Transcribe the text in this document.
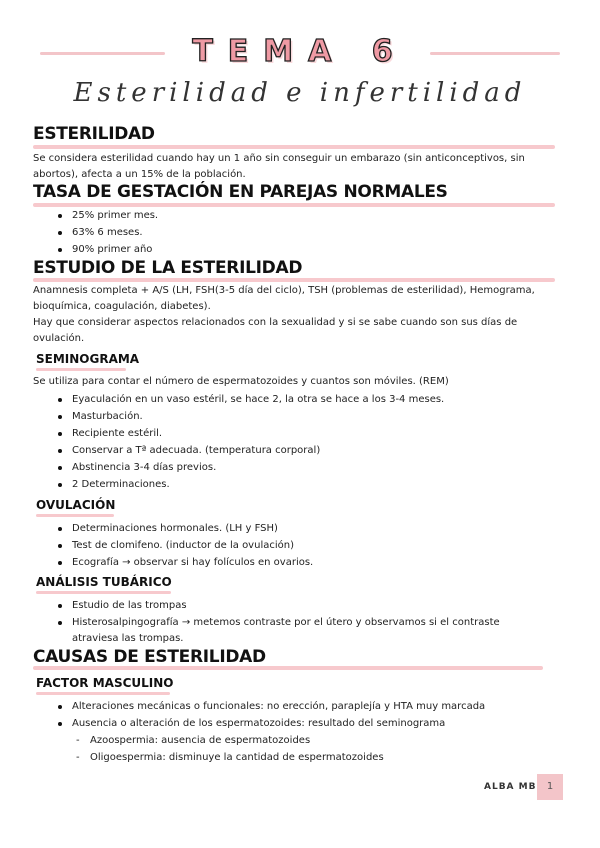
TEMA 6
Esterilidad e infertilidad
ESTERILIDAD
Se considera esterilidad cuando hay un 1 año sin conseguir un embarazo (sin anticonceptivos, sin abortos), afecta a un 15% de la población.
TASA DE GESTACIÓN EN PAREJAS NORMALES
25% primer mes.
63% 6 meses.
90% primer año
ESTUDIO DE LA ESTERILIDAD
Anamnesis completa + A/S (LH, FSH(3-5 día del ciclo), TSH (problemas de esterilidad), Hemograma, bioquímica, coagulación, diabetes).
Hay que considerar aspectos relacionados con la sexualidad y si se sabe cuando son sus días de ovulación.
SEMINOGRAMA
Se utiliza para contar el número de espermatozoides y cuantos son móviles. (REM)
Eyaculación en un vaso estéril, se hace 2, la otra se hace a los 3-4 meses.
Masturbación.
Recipiente estéril.
Conservar a Tª adecuada. (temperatura corporal)
Abstinencia 3-4 días previos.
2 Determinaciones.
OVULACIÓN
Determinaciones hormonales. (LH y FSH)
Test de clomifeno. (inductor de la ovulación)
Ecografía → observar si hay folículos en ovarios.
ANÁLISIS TUBÁRICO
Estudio de las trompas
Histerosalpingografía → metemos contraste por el útero y observamos si el contraste atraviesa las trompas.
CAUSAS DE ESTERILIDAD
FACTOR MASCULINO
Alteraciones mecánicas o funcionales: no erección, paraplejía y HTA muy marcada
Ausencia o alteración de los espermatozoides: resultado del seminograma
- Azoospermia: ausencia de espermatozoides
- Oligoespermia: disminuye la cantidad de espermatozoides
ALBA MB	1
